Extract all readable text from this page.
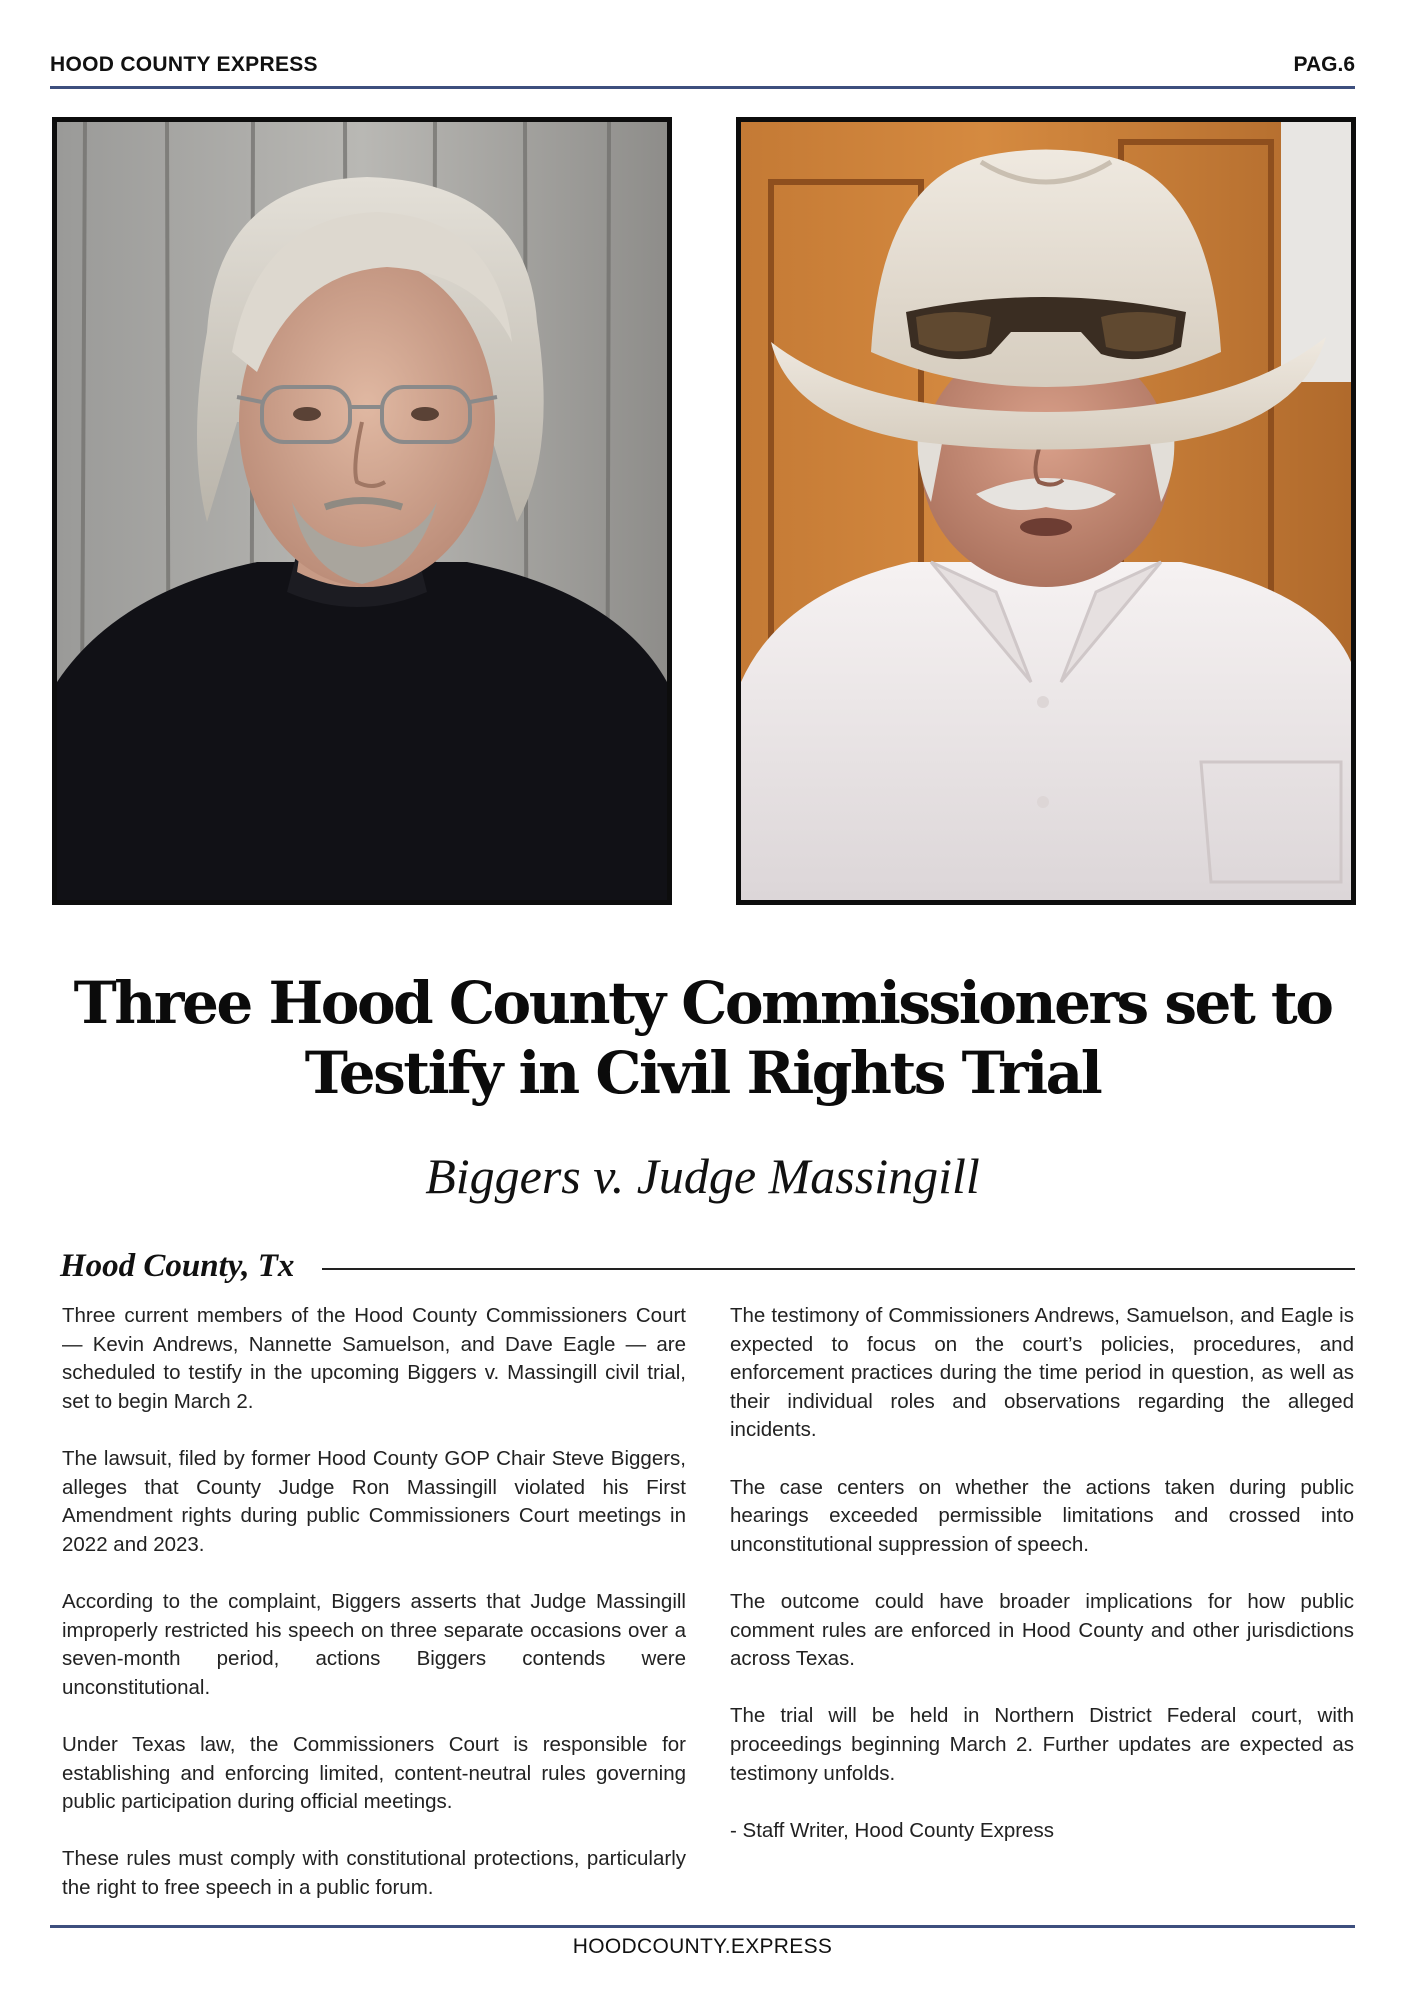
HOOD COUNTY EXPRESS	PAG.6
Three Hood County Commissioners set to
Testify in Civil Rights Trial
Biggers v. Judge Massingill
Hood County, Tx

Three current members of the Hood County Commissioners Court — Kevin Andrews, Nannette Samuelson, and Dave Eagle — are scheduled to testify in the upcoming Biggers v. Massingill civil trial, set to begin March 2.

The lawsuit, filed by former Hood County GOP Chair Steve Biggers, alleges that County Judge Ron Massingill violated his First Amendment rights during public Commissioners Court meetings in 2022 and 2023.

According to the complaint, Biggers asserts that Judge Massingill improperly restricted his speech on three separate occasions over a seven-month period, actions Biggers contends were unconstitutional.

Under Texas law, the Commissioners Court is responsible for establishing and enforcing limited, content-neutral rules governing public participation during official meetings.

These rules must comply with constitutional protections, particularly the right to free speech in a public forum.

The testimony of Commissioners Andrews, Samuelson, and Eagle is expected to focus on the court’s policies, procedures, and enforcement practices during the time period in question, as well as their individual roles and observations regarding the alleged incidents.

The case centers on whether the actions taken during public hearings exceeded permissible limitations and crossed into unconstitutional suppression of speech.

The outcome could have broader implications for how public comment rules are enforced in Hood County and other jurisdictions across Texas.

The trial will be held in Northern District Federal court, with proceedings beginning March 2. Further updates are expected as testimony unfolds.

- Staff Writer, Hood County Express

HOODCOUNTY.EXPRESS
